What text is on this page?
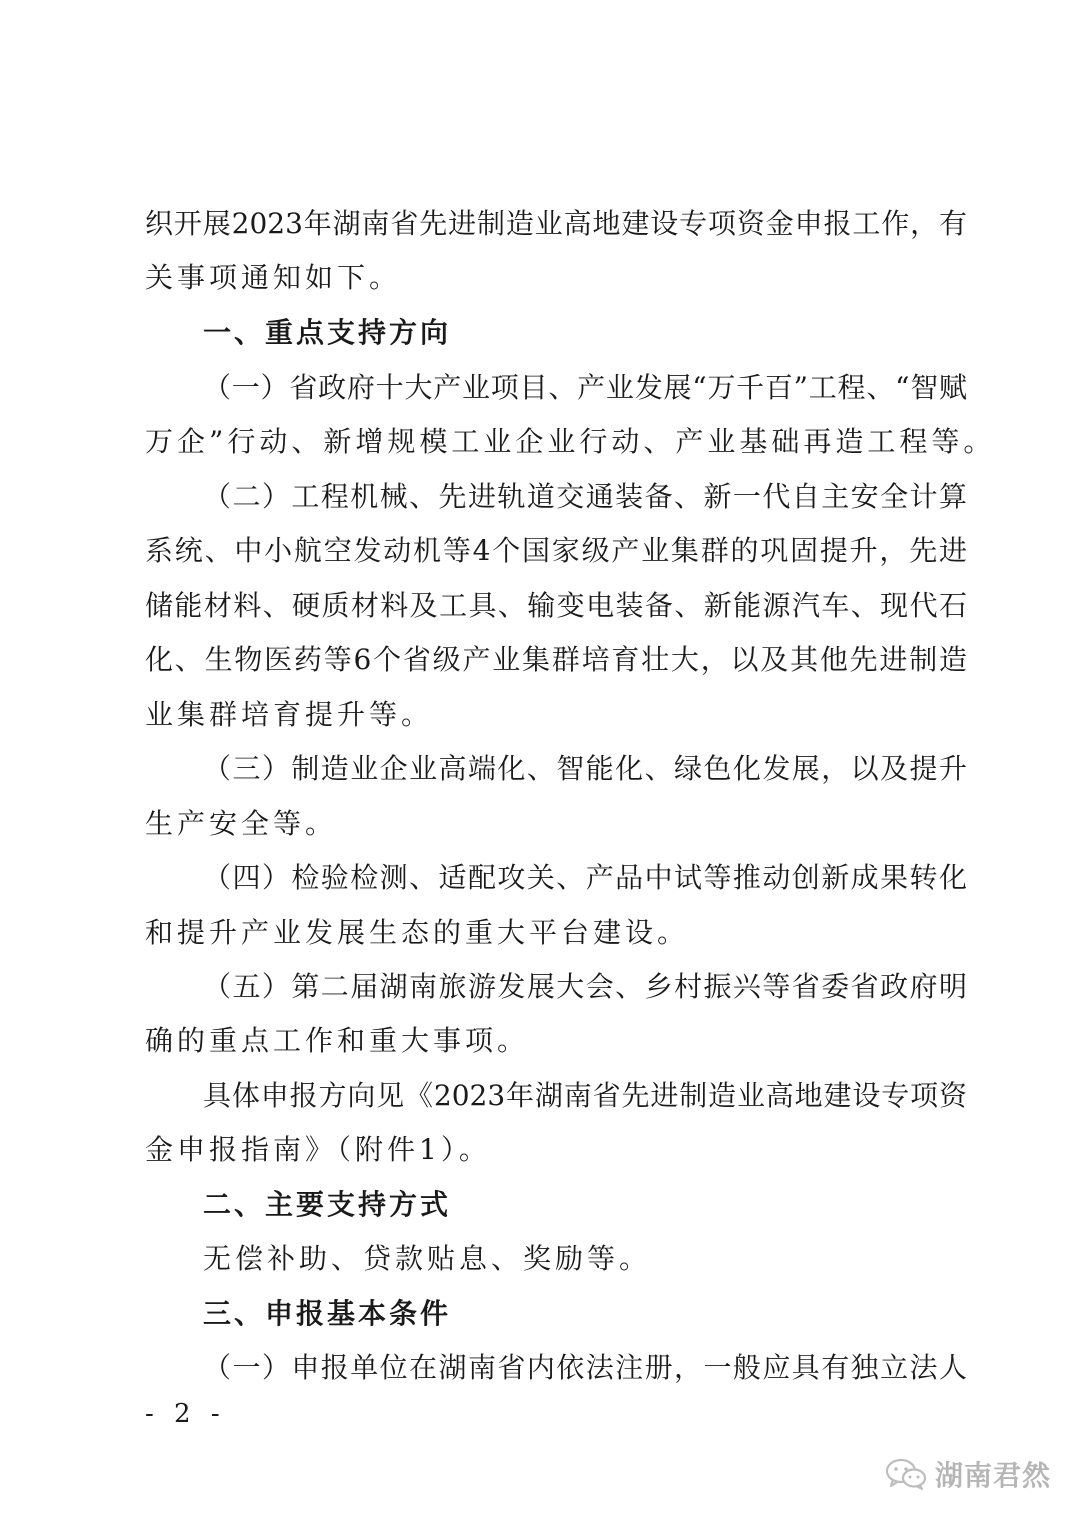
织开展2023年湖南省先进制造业高地建设专项资金申报工作，有
关事项通知如下。
一、重点支持方向
（一）省政府十大产业项目、产业发展“万千百”工程、“智赋
万企”行动、新增规模工业企业行动、产业基础再造工程等。
（二）工程机械、先进轨道交通装备、新一代自主安全计算
系统、中小航空发动机等4个国家级产业集群的巩固提升，先进
储能材料、硬质材料及工具、输变电装备、新能源汽车、现代石
化、生物医药等6个省级产业集群培育壮大，以及其他先进制造
业集群培育提升等。
（三）制造业企业高端化、智能化、绿色化发展，以及提升
生产安全等。
（四）检验检测、适配攻关、产品中试等推动创新成果转化
和提升产业发展生态的重大平台建设。
（五）第二届湖南旅游发展大会、乡村振兴等省委省政府明
确的重点工作和重大事项。
具体申报方向见《2023年湖南省先进制造业高地建设专项资
金申报指南》（附件1）。
二、主要支持方式
无偿补助、贷款贴息、奖励等。
三、申报基本条件
（一）申报单位在湖南省内依法注册，一般应具有独立法人
- 2 -
湖南君然
